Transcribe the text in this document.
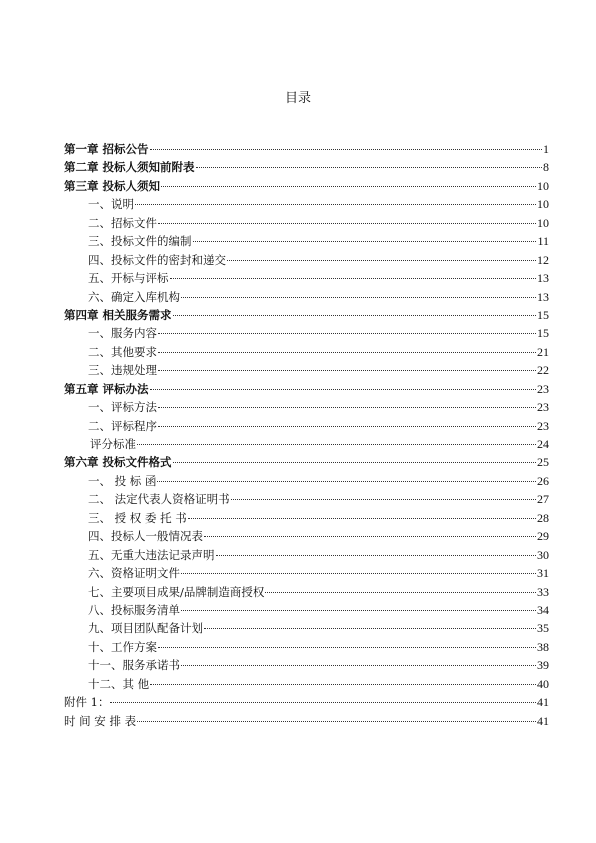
目录
第一章 招标公告	1
第二章 投标人须知前附表	8
第三章 投标人须知	10
一、说明	10
二、招标文件	10
三、投标文件的编制	11
四、投标文件的密封和递交	12
五、开标与评标	13
六、确定入库机构	13
第四章 相关服务需求	15
一、服务内容	15
二、其他要求	21
三、违规处理	22
第五章 评标办法	23
一、评标方法	23
二、评标程序	23
评分标准	24
第六章 投标文件格式	25
一、 投 标 函	26
二、 法定代表人资格证明书	27
三、 授 权 委 托 书	28
四、投标人一般情况表	29
五、无重大违法记录声明	30
六、资格证明文件	31
七、主要项目成果/品牌制造商授权	33
八、投标服务清单	34
九、项目团队配备计划	35
十、工作方案	38
十一、服务承诺书	39
十二、其 他	40
附件 1：	41
时 间 安 排 表	41
